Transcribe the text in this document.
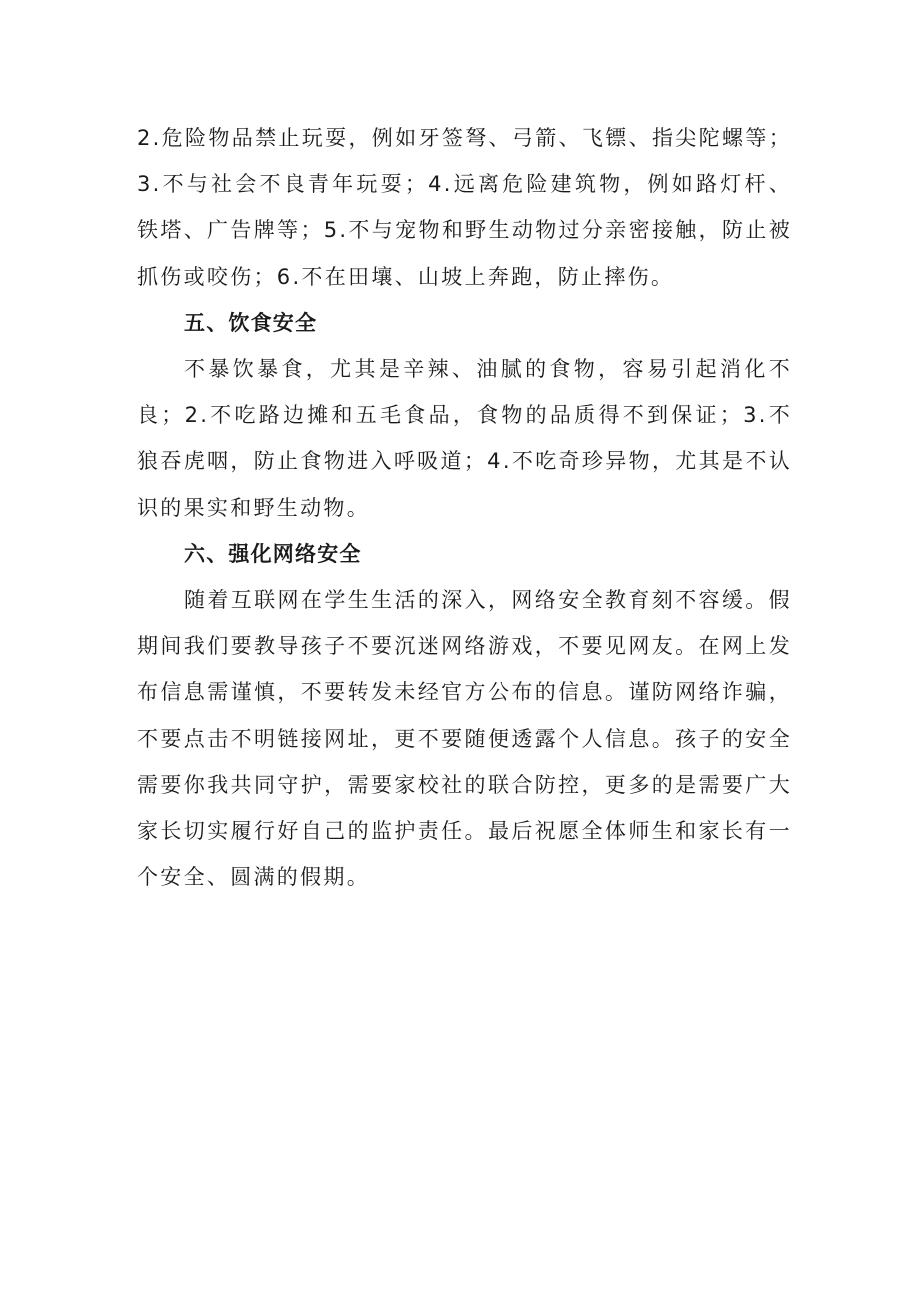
2.危险物品禁止玩耍，例如牙签弩、弓箭、飞镖、指尖陀螺等；3.不与社会不良青年玩耍；4.远离危险建筑物，例如路灯杆、铁塔、广告牌等；5.不与宠物和野生动物过分亲密接触，防止被抓伤或咬伤；6.不在田壤、山坡上奔跑，防止摔伤。

五、饮食安全

不暴饮暴食，尤其是辛辣、油腻的食物，容易引起消化不良；2.不吃路边摊和五毛食品，食物的品质得不到保证；3.不狼吞虎咽，防止食物进入呼吸道；4.不吃奇珍异物，尤其是不认识的果实和野生动物。

六、强化网络安全

随着互联网在学生生活的深入，网络安全教育刻不容缓。假期间我们要教导孩子不要沉迷网络游戏，不要见网友。在网上发布信息需谨慎，不要转发未经官方公布的信息。谨防网络诈骗，不要点击不明链接网址，更不要随便透露个人信息。孩子的安全需要你我共同守护，需要家校社的联合防控，更多的是需要广大家长切实履行好自己的监护责任。最后祝愿全体师生和家长有一个安全、圆满的假期。
